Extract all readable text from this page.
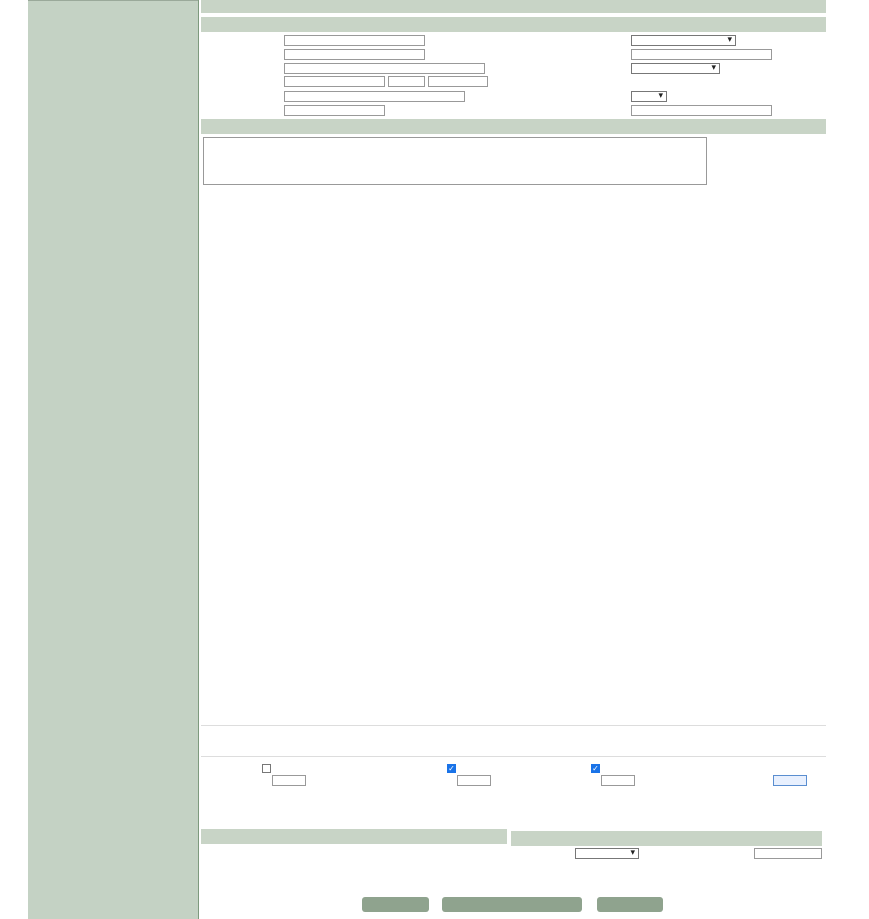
▾
▾
▾
✓	✓
▾
